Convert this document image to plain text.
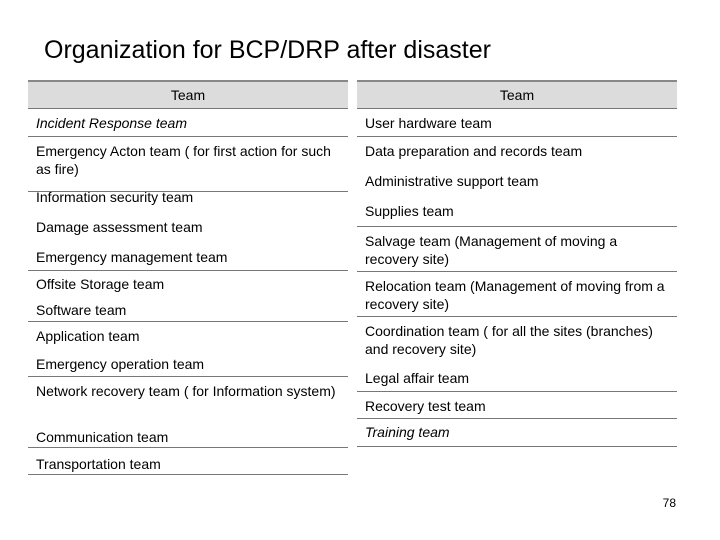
Organization for BCP/DRP after disaster
Team
Incident Response team
Emergency Acton team ( for first action for such as fire)
Information security team
Damage assessment team
Emergency management team
Offsite Storage team
Software team
Application team
Emergency operation team
Network recovery team ( for Information system)
Communication team
Transportation team
Team
User hardware team
Data preparation and records team
Administrative support team
Supplies team
Salvage team (Management of moving a recovery site)
Relocation team (Management of moving from a recovery site)
Coordination team ( for all the sites (branches) and recovery site)
Legal affair team
Recovery test team
Training team
78
